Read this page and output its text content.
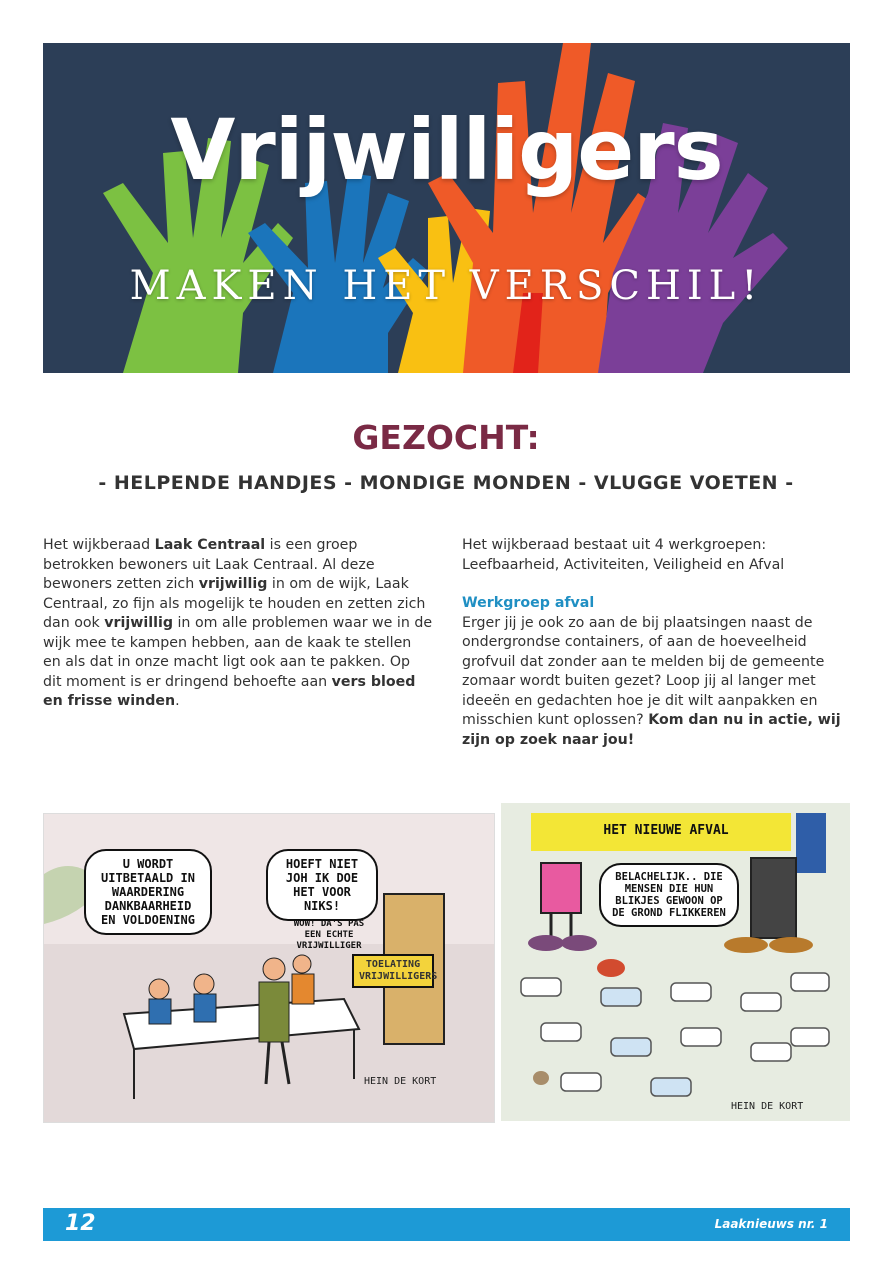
Vrijwilligers
MAKEN HET VERSCHIL!
GEZOCHT:
- HELPENDE HANDJES - MONDIGE MONDEN - VLUGGE VOETEN -

Het wijkberaad Laak Centraal is een groep betrokken bewoners uit Laak Centraal. Al deze bewoners zetten zich vrijwillig in om de wijk, Laak Centraal, zo fijn als mogelijk te houden en zetten zich dan ook vrijwillig in om alle problemen waar we in de wijk mee te kampen hebben, aan de kaak te stellen en als dat in onze macht ligt ook aan te pakken. Op dit moment is er dringend behoefte aan vers bloed en frisse winden.

Het wijkberaad bestaat uit 4 werkgroepen: Leefbaarheid, Activiteiten, Veiligheid en Afval

Werkgroep afval

Erger jij je ook zo aan de bij plaatsingen naast de ondergrondse containers, of aan de hoeveelheid grofvuil dat zonder aan te melden bij de gemeente zomaar wordt buiten gezet? Loop jij al langer met ideeën en gedachten hoe je dit wilt aanpakken en misschien kunt oplossen? Kom dan nu in actie, wij zijn op zoek naar jou!

U WORDT UITBETAALD IN WAARDERING DANKBAARHEID EN VOLDOENING
HOEFT NIET JOH IK DOE HET VOOR NIKS!
WOW! DA'S PAS EEN ECHTE VRIJWILLIGER
TOELATING VRIJWILLIGERS
HEIN DE KORT
HET NIEUWE AFVAL
BELACHELIJK.. DIE MENSEN DIE HUN BLIKJES GEWOON OP DE GROND FLIKKEREN
HEIN DE KORT
12	Laaknieuws nr. 1
